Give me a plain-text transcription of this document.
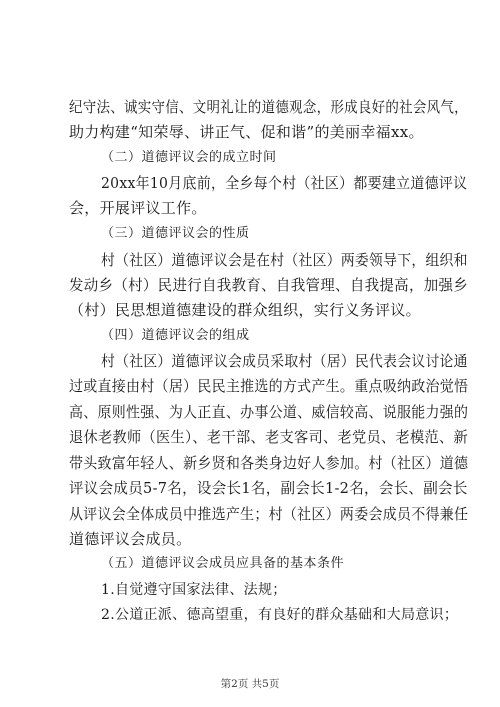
纪守法、诚实守信、文明礼让的道德观念，形成良好的社会风气，
助力构建“知荣辱、讲正气、促和谐”的美丽幸福xx。
（二）道德评议会的成立时间
20xx年10月底前，全乡每个村（社区）都要建立道德评议
会，开展评议工作。
（三）道德评议会的性质
村（社区）道德评议会是在村（社区）两委领导下，组织和
发动乡（村）民进行自我教育、自我管理、自我提高，加强乡
（村）民思想道德建设的群众组织，实行义务评议。
（四）道德评议会的组成
村（社区）道德评议会成员采取村（居）民代表会议讨论通
过或直接由村（居）民民主推选的方式产生。重点吸纳政治觉悟
高、原则性强、为人正直、办事公道、威信较高、说服能力强的
退休老教师（医生）、老干部、老支客司、老党员、老模范、新
带头致富年轻人、新乡贤和各类身边好人参加。村（社区）道德
评议会成员5-7名，设会长1名，副会长1-2名，会长、副会长
从评议会全体成员中推选产生；村（社区）两委会成员不得兼任
道德评议会成员。
（五）道德评议会成员应具备的基本条件
1.自觉遵守国家法律、法规；
2.公道正派、德高望重，有良好的群众基础和大局意识；
第2页 共5页
